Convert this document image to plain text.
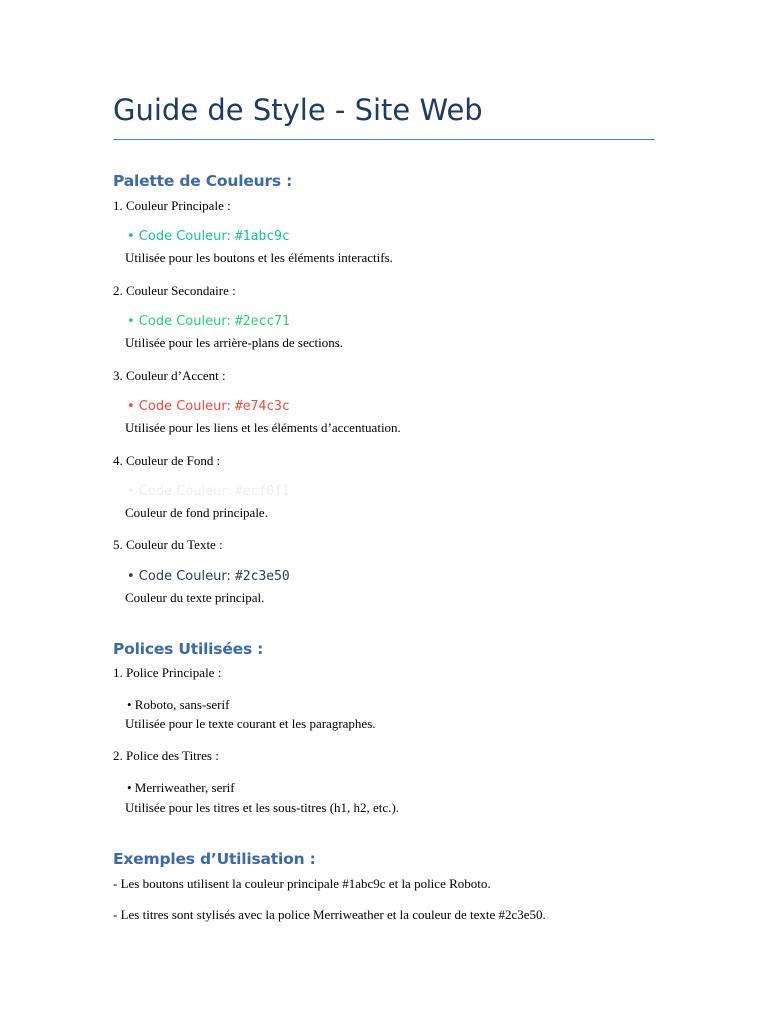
Guide de Style - Site Web
Palette de Couleurs :
1. Couleur Principale :
• Code Couleur: #1abc9c
Utilisée pour les boutons et les éléments interactifs.
2. Couleur Secondaire :
• Code Couleur: #2ecc71
Utilisée pour les arrière-plans de sections.
3. Couleur d’Accent :
• Code Couleur: #e74c3c
Utilisée pour les liens et les éléments d’accentuation.
4. Couleur de Fond :
• Code Couleur: #ecf0f1
Couleur de fond principale.
5. Couleur du Texte :
• Code Couleur: #2c3e50
Couleur du texte principal.
Polices Utilisées :
1. Police Principale :
• Roboto, sans-serif
Utilisée pour le texte courant et les paragraphes.
2. Police des Titres :
• Merriweather, serif
Utilisée pour les titres et les sous-titres (h1, h2, etc.).
Exemples d’Utilisation :
- Les boutons utilisent la couleur principale #1abc9c et la police Roboto.
- Les titres sont stylisés avec la police Merriweather et la couleur de texte #2c3e50.
